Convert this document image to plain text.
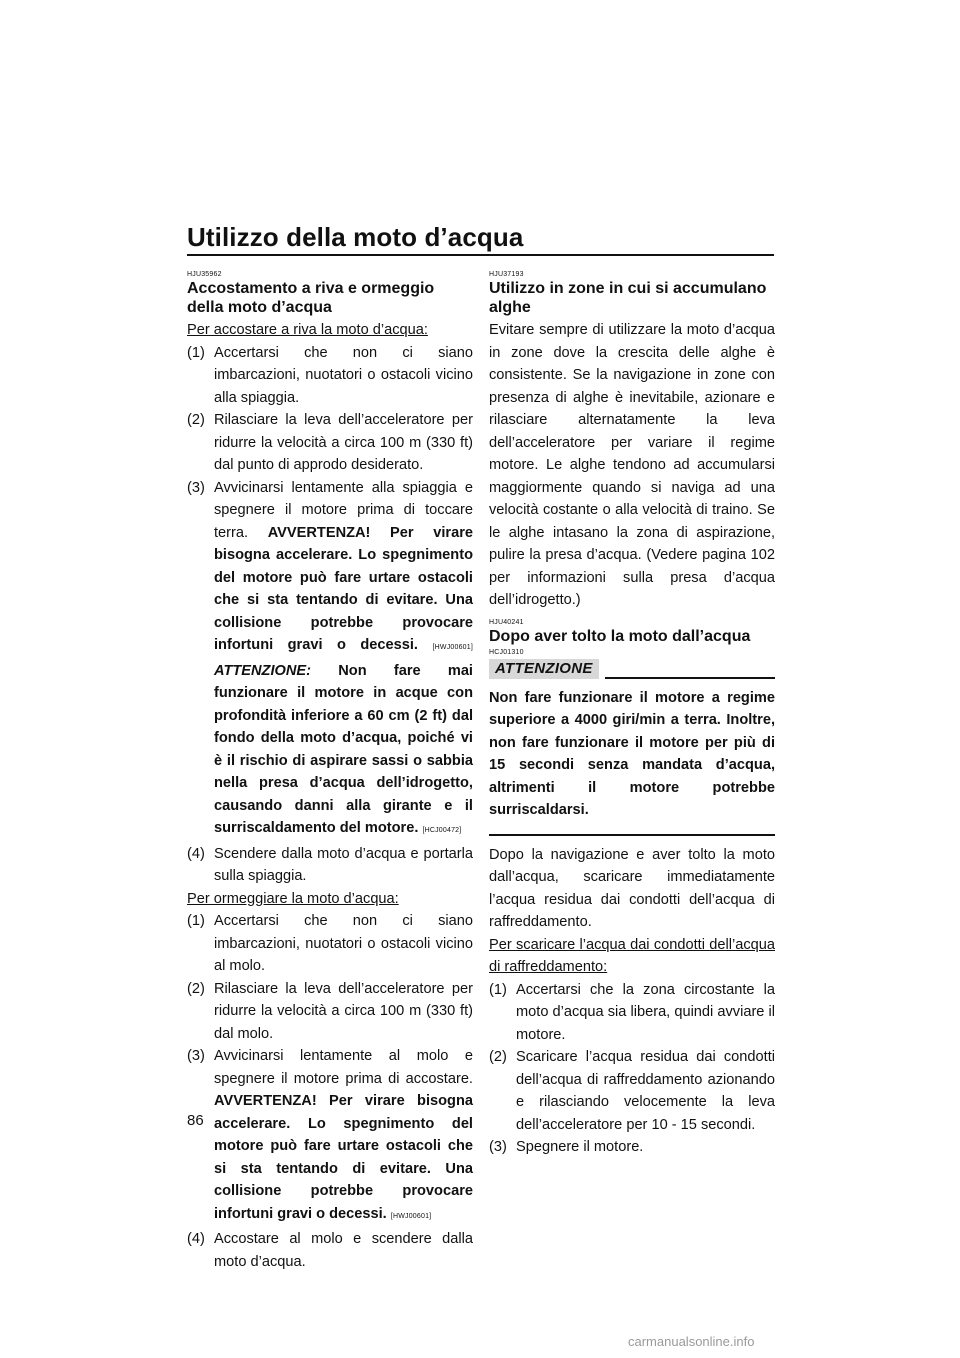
Utilizzo della moto d’acqua
HJU35962
Accostamento a riva e ormeggio della moto d’acqua

Per accostare a riva la moto d’acqua:

(1) Accertarsi che non ci siano imbarcazioni, nuotatori o ostacoli vicino alla spiaggia.
(2) Rilasciare la leva dell’acceleratore per ridurre la velocità a circa 100 m (330 ft) dal punto di approdo desiderato.
(3) Avvicinarsi lentamente alla spiaggia e spegnere il motore prima di toccare terra. AVVERTENZA! Per virare bisogna accelerare. Lo spegnimento del motore può fare urtare ostacoli che si sta tentando di evitare. Una collisione potrebbe provocare infortuni gravi o decessi. [HWJ00601] ATTENZIONE: Non fare mai funzionare il motore in acque con profondità inferiore a 60 cm (2 ft) dal fondo della moto d’acqua, poiché vi è il rischio di aspirare sassi o sabbia nella presa d’acqua dell’idrogetto, causando danni alla girante e il surriscaldamento del motore. [HCJ00472]
(4) Scendere dalla moto d’acqua e portarla sulla spiaggia.

Per ormeggiare la moto d’acqua:

(1) Accertarsi che non ci siano imbarcazioni, nuotatori o ostacoli vicino al molo.
(2) Rilasciare la leva dell’acceleratore per ridurre la velocità a circa 100 m (330 ft) dal molo.
(3) Avvicinarsi lentamente al molo e spegnere il motore prima di accostare. AVVERTENZA! Per virare bisogna accelerare. Lo spegnimento del motore può fare urtare ostacoli che si sta tentando di evitare. Una collisione potrebbe provocare infortuni gravi o decessi. [HWJ00601]
(4) Accostare al molo e scendere dalla moto d’acqua.
HJU37193
Utilizzo in zone in cui si accumulano alghe

Evitare sempre di utilizzare la moto d’acqua in zone dove la crescita delle alghe è consistente. Se la navigazione in zone con presenza di alghe è inevitabile, azionare e rilasciare alternatamente la leva dell’acceleratore per variare il regime motore. Le alghe tendono ad accumularsi maggiormente quando si naviga ad una velocità costante o alla velocità di traino. Se le alghe intasano la zona di aspirazione, pulire la presa d’acqua. (Vedere pagina 102 per informazioni sulla presa d’acqua dell’idrogetto.)

HJU40241
Dopo aver tolto la moto dall’acqua
HCJ01310
ATTENZIONE
Non fare funzionare il motore a regime superiore a 4000 giri/min a terra. Inoltre, non fare funzionare il motore per più di 15 secondi senza mandata d’acqua, altrimenti il motore potrebbe surriscaldarsi.

Dopo la navigazione e aver tolto la moto dall’acqua, scaricare immediatamente l’acqua residua dai condotti dell’acqua di raffreddamento.

Per scaricare l’acqua dai condotti dell’acqua di raffreddamento:

(1) Accertarsi che la zona circostante la moto d’acqua sia libera, quindi avviare il motore.
(2) Scaricare l’acqua residua dai condotti dell’acqua di raffreddamento azionando e rilasciando velocemente la leva dell’acceleratore per 10 - 15 secondi.
(3) Spegnere il motore.
86
carmanualsonline.info
